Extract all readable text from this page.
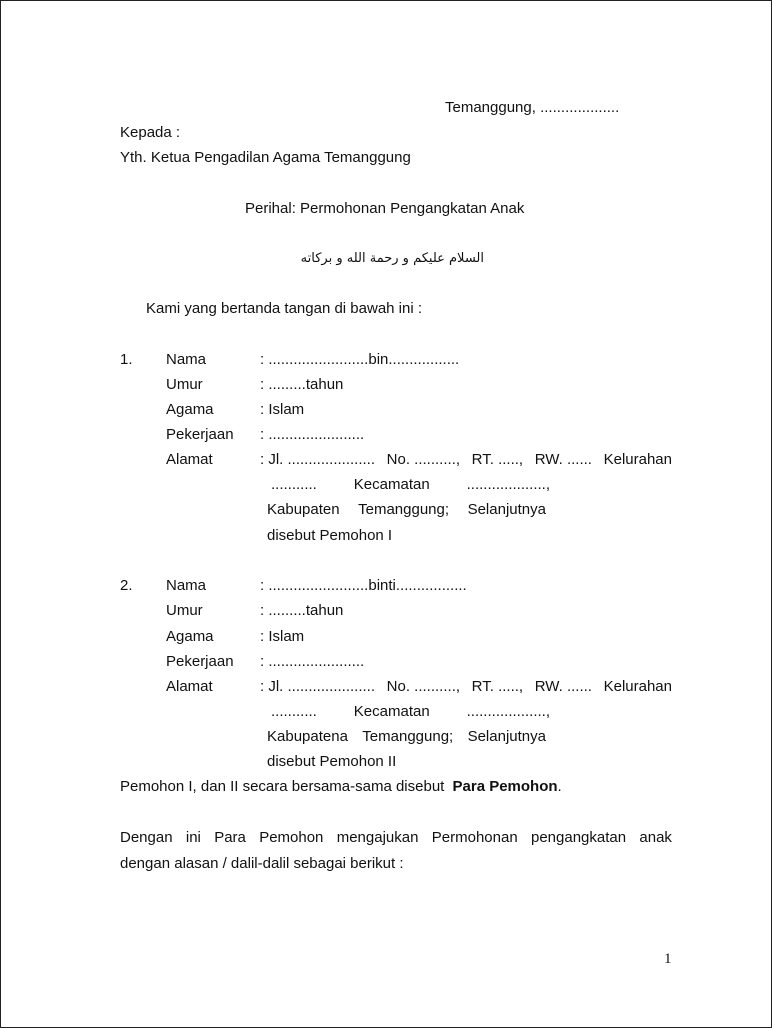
Temanggung, ...................
Kepada :
Yth. Ketua Pengadilan Agama Temanggung
Perihal: Permohonan Pengangkatan Anak
السلام عليكم و رحمة الله و بركاته
Kami yang bertanda tangan di bawah ini :
1. Nama	: ........................bin.................
Umur	: .........tahun
Agama	: Islam
Pekerjaan : .......................
Alamat	: Jl. ..................... No. .........., RT. ....., RW. ...... Kelurahan
........... Kecamatan ...................,
Kabupaten Temanggung; Selanjutnya
disebut Pemohon I
2. Nama	: ........................binti.................
Umur	: .........tahun
Agama	: Islam
Pekerjaan : .......................
Alamat	: Jl. ..................... No. .........., RT. ....., RW. ...... Kelurahan
........... Kecamatan ...................,
Kabupatena Temanggung; Selanjutnya
disebut Pemohon II
Pemohon I, dan II secara bersama-sama disebut Para Pemohon.
Dengan ini Para Pemohon mengajukan Permohonan pengangkatan anak
dengan alasan / dalil-dalil sebagai berikut :
1
